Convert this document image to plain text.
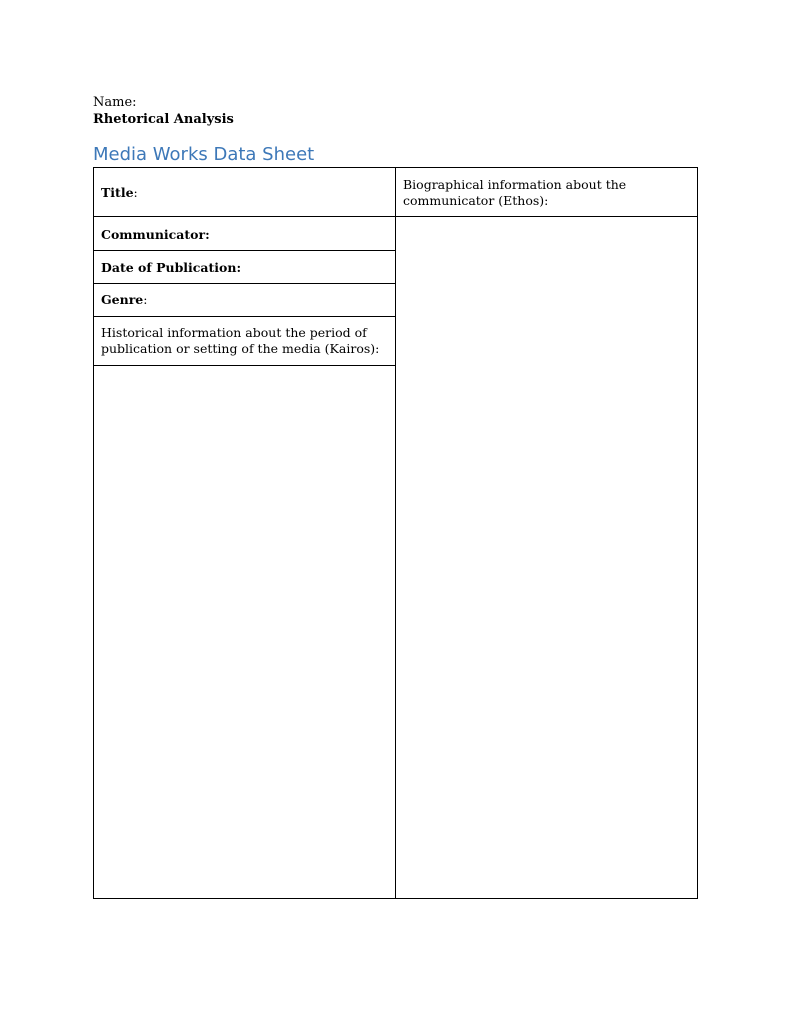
Name:
Rhetorical Analysis
Media Works Data Sheet
Title:
Biographical information about the
communicator (Ethos):
Communicator:
Date of Publication:
Genre:
Historical information about the period of
publication or setting of the media (Kairos):
